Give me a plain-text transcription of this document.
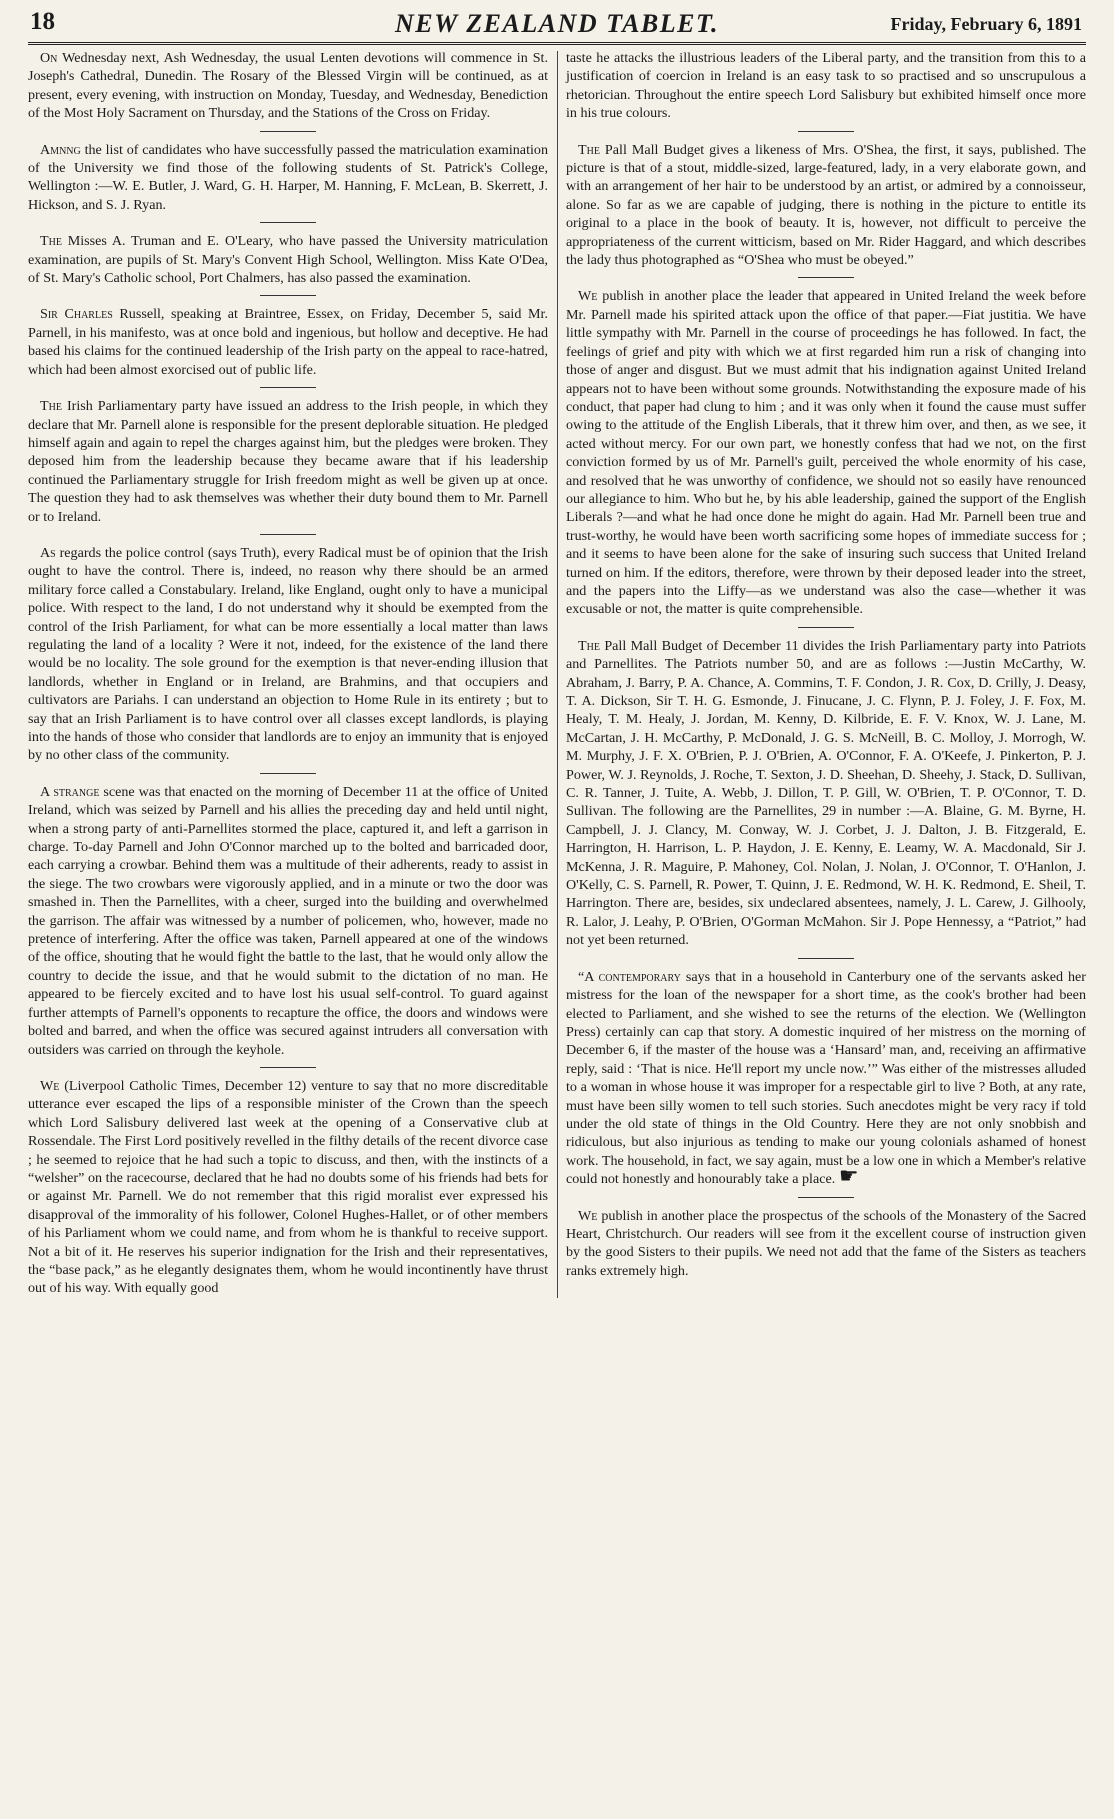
18	NEW ZEALAND TABLET.	Friday, February 6, 1891

On Wednesday next, Ash Wednesday, the usual Lenten devotions will commence in St. Joseph's Cathedral, Dunedin. The Rosary of the Blessed Virgin will be continued, as at present, every evening, with instruction on Monday, Tuesday, and Wednesday, Benediction of the Most Holy Sacrament on Thursday, and the Stations of the Cross on Friday.

Amnng the list of candidates who have successfully passed the matriculation examination of the University we find those of the following students of St. Patrick's College, Wellington :—W. E. Butler, J. Ward, G. H. Harper, M. Hanning, F. McLean, B. Skerrett, J. Hickson, and S. J. Ryan.

The Misses A. Truman and E. O'Leary, who have passed the University matriculation examination, are pupils of St. Mary's Convent High School, Wellington. Miss Kate O'Dea, of St. Mary's Catholic school, Port Chalmers, has also passed the examination.

Sir Charles Russell, speaking at Braintree, Essex, on Friday, December 5, said Mr. Parnell, in his manifesto, was at once bold and ingenious, but hollow and deceptive. He had based his claims for the continued leadership of the Irish party on the appeal to race-hatred, which had been almost exorcised out of public life.

The Irish Parliamentary party have issued an address to the Irish people, in which they declare that Mr. Parnell alone is responsible for the present deplorable situation. He pledged himself again and again to repel the charges against him, but the pledges were broken. They deposed him from the leadership because they became aware that if his leadership continued the Parliamentary struggle for Irish freedom might as well be given up at once. The question they had to ask themselves was whether their duty bound them to Mr. Parnell or to Ireland.

As regards the police control (says Truth), every Radical must be of opinion that the Irish ought to have the control. There is, indeed, no reason why there should be an armed military force called a Constabulary. Ireland, like England, ought only to have a municipal police. With respect to the land, I do not understand why it should be exempted from the control of the Irish Parliament, for what can be more essentially a local matter than laws regulating the land of a locality ? Were it not, indeed, for the existence of the land there would be no locality. The sole ground for the exemption is that never-ending illusion that landlords, whether in England or in Ireland, are Brahmins, and that occupiers and cultivators are Pariahs. I can understand an objection to Home Rule in its entirety ; but to say that an Irish Parliament is to have control over all classes except landlords, is playing into the hands of those who consider that landlords are to enjoy an immunity that is enjoyed by no other class of the community.

A strange scene was that enacted on the morning of December 11 at the office of United Ireland, which was seized by Parnell and his allies the preceding day and held until night, when a strong party of anti-Parnellites stormed the place, captured it, and left a garrison in charge. To-day Parnell and John O'Connor marched up to the bolted and barricaded door, each carrying a crowbar. Behind them was a multitude of their adherents, ready to assist in the siege. The two crowbars were vigorously applied, and in a minute or two the door was smashed in. Then the Parnellites, with a cheer, surged into the building and overwhelmed the garrison. The affair was witnessed by a number of policemen, who, however, made no pretence of interfering. After the office was taken, Parnell appeared at one of the windows of the office, shouting that he would fight the battle to the last, that he would only allow the country to decide the issue, and that he would submit to the dictation of no man. He appeared to be fiercely excited and to have lost his usual self-control. To guard against further attempts of Parnell's opponents to recapture the office, the doors and windows were bolted and barred, and when the office was secured against intruders all conversation with outsiders was carried on through the keyhole.

We (Liverpool Catholic Times, December 12) venture to say that no more discreditable utterance ever escaped the lips of a responsible minister of the Crown than the speech which Lord Salisbury delivered last week at the opening of a Conservative club at Rossendale. The First Lord positively revelled in the filthy details of the recent divorce case ; he seemed to rejoice that he had such a topic to discuss, and then, with the instincts of a “welsher” on the racecourse, declared that he had no doubts some of his friends had bets for or against Mr. Parnell. We do not remember that this rigid moralist ever expressed his disapproval of the immorality of his follower, Colonel Hughes-Hallet, or of other members of his Parliament whom we could name, and from whom he is thankful to receive support. Not a bit of it. He reserves his superior indignation for the Irish and their representatives, the “base pack,” as he elegantly designates them, whom he would incontinently have thrust out of his way. With equally good

taste he attacks the illustrious leaders of the Liberal party, and the transition from this to a justification of coercion in Ireland is an easy task to so practised and so unscrupulous a rhetorician. Throughout the entire speech Lord Salisbury but exhibited himself once more in his true colours.

The Pall Mall Budget gives a likeness of Mrs. O'Shea, the first, it says, published. The picture is that of a stout, middle-sized, large-featured, lady, in a very elaborate gown, and with an arrangement of her hair to be understood by an artist, or admired by a connoisseur, alone. So far as we are capable of judging, there is nothing in the picture to entitle its original to a place in the book of beauty. It is, however, not difficult to perceive the appropriateness of the current witticism, based on Mr. Rider Haggard, and which describes the lady thus photographed as “O'Shea who must be obeyed.”

We publish in another place the leader that appeared in United Ireland the week before Mr. Parnell made his spirited attack upon the office of that paper.—Fiat justitia. We have little sympathy with Mr. Parnell in the course of proceedings he has followed. In fact, the feelings of grief and pity with which we at first regarded him run a risk of changing into those of anger and disgust. But we must admit that his indignation against United Ireland appears not to have been without some grounds. Notwithstanding the exposure made of his conduct, that paper had clung to him ; and it was only when it found the cause must suffer owing to the attitude of the English Liberals, that it threw him over, and then, as we see, it acted without mercy. For our own part, we honestly confess that had we not, on the first conviction formed by us of Mr. Parnell's guilt, perceived the whole enormity of his case, and resolved that he was unworthy of confidence, we should not so easily have renounced our allegiance to him. Who but he, by his able leadership, gained the support of the English Liberals ?—and what he had once done he might do again. Had Mr. Parnell been true and trust-worthy, he would have been worth sacrificing some hopes of immediate success for ; and it seems to have been alone for the sake of insuring such success that United Ireland turned on him. If the editors, therefore, were thrown by their deposed leader into the street, and the papers into the Liffy—as we understand was also the case—whether it was excusable or not, the matter is quite comprehensible.

The Pall Mall Budget of December 11 divides the Irish Parliamentary party into Patriots and Parnellites. The Patriots number 50, and are as follows :—Justin McCarthy, W. Abraham, J. Barry, P. A. Chance, A. Commins, T. F. Condon, J. R. Cox, D. Crilly, J. Deasy, T. A. Dickson, Sir T. H. G. Esmonde, J. Finucane, J. C. Flynn, P. J. Foley, J. F. Fox, M. Healy, T. M. Healy, J. Jordan, M. Kenny, D. Kilbride, E. F. V. Knox, W. J. Lane, M. McCartan, J. H. McCarthy, P. McDonald, J. G. S. McNeill, B. C. Molloy, J. Morrogh, W. M. Murphy, J. F. X. O'Brien, P. J. O'Brien, A. O'Connor, F. A. O'Keefe, J. Pinkerton, P. J. Power, W. J. Reynolds, J. Roche, T. Sexton, J. D. Sheehan, D. Sheehy, J. Stack, D. Sullivan, C. R. Tanner, J. Tuite, A. Webb, J. Dillon, T. P. Gill, W. O'Brien, T. P. O'Connor, T. D. Sullivan. The following are the Parnellites, 29 in number :—A. Blaine, G. M. Byrne, H. Campbell, J. J. Clancy, M. Conway, W. J. Corbet, J. J. Dalton, J. B. Fitzgerald, E. Harrington, H. Harrison, L. P. Haydon, J. E. Kenny, E. Leamy, W. A. Macdonald, Sir J. McKenna, J. R. Maguire, P. Mahoney, Col. Nolan, J. Nolan, J. O'Connor, T. O'Hanlon, J. O'Kelly, C. S. Parnell, R. Power, T. Quinn, J. E. Redmond, W. H. K. Redmond, E. Sheil, T. Harrington. There are, besides, six undeclared absentees, namely, J. L. Carew, J. Gilhooly, R. Lalor, J. Leahy, P. O'Brien, O'Gorman McMahon. Sir J. Pope Hennessy, a “Patriot,” had not yet been returned.

“A contemporary says that in a household in Canterbury one of the servants asked her mistress for the loan of the newspaper for a short time, as the cook's brother had been elected to Parliament, and she wished to see the returns of the election. We (Wellington Press) certainly can cap that story. A domestic inquired of her mistress on the morning of December 6, if the master of the house was a ‘Hansard’ man, and, receiving an affirmative reply, said : ‘That is nice. He'll report my uncle now.’” Was either of the mistresses alluded to a woman in whose house it was improper for a respectable girl to live ? Both, at any rate, must have been silly women to tell such stories. Such anecdotes might be very racy if told under the old state of things in the Old Country. Here they are not only snobbish and ridiculous, but also injurious as tending to make our young colonials ashamed of honest work. The household, in fact, we say again, must be a low one in which a Member's relative could not honestly and honourably take a place. ☛

We publish in another place the prospectus of the schools of the Monastery of the Sacred Heart, Christchurch. Our readers will see from it the excellent course of instruction given by the good Sisters to their pupils. We need not add that the fame of the Sisters as teachers ranks extremely high.
